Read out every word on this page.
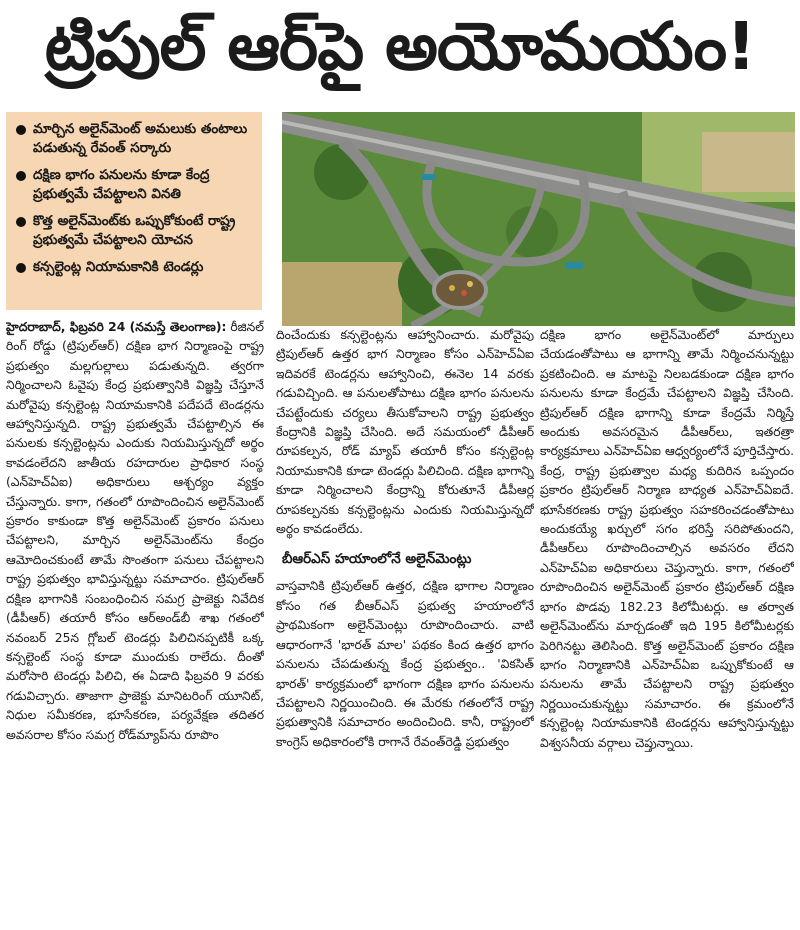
ట్రిపుల్ ఆర్‌పై అయోమయం!
మార్చిన అలైన్‌మెంట్ అమలుకు తంటాలు పడుతున్న రేవంత్ సర్కారు
దక్షిణ భాగం పనులను కూడా కేంద్ర ప్రభుత్వమే చేపట్టాలని వినతి
కొత్త అలైన్‌మెంట్‌కు ఒప్పుకోకుంటే రాష్ట్ర ప్రభుత్వమే చేపట్టాలని యోచన
కన్సల్టెంట్ల నియామకానికి టెండర్లు

హైదరాబాద్, ఫిబ్రవరి 24 (నమస్తే తెలంగాణ): రీజినల్ రింగ్ రోడ్డు (ట్రిపుల్‌ఆర్) దక్షిణ భాగ నిర్మాణంపై రాష్ట్ర ప్రభుత్వం మల్లగుల్లాలు పడుతున్నది. త్వరగా నిర్మించాలని ఓవైపు కేంద్ర ప్రభుత్వానికి విజ్ఞప్తి చేస్తూనే మరోవైపు కన్సల్టెంట్ల నియామకానికి పదేపదే టెండర్లను ఆహ్వానిస్తున్నది. రాష్ట్ర ప్రభుత్వమే చేపట్టాల్సిన ఈ పనులకు కన్సల్టెంట్లను ఎందుకు నియమిస్తున్నదో అర్థం కావడంలేదని జాతీయ రహదారుల ప్రాధికార సంస్థ (ఎన్‌హెచ్‌ఏఐ) అధికారులు ఆశ్చర్యం వ్యక్తం చేస్తున్నారు. కాగా, గతంలో రూపొందించిన అలైన్‌మెంట్ ప్రకారం కాకుండా కొత్త అలైన్‌మెంట్ ప్రకారం పనులు చేపట్టాలని, మార్చిన అలైన్‌మెంట్‌ను కేంద్రం ఆమోదించకుంటే తామే సొంతంగా పనులు చేపట్టాలని రాష్ట్ర ప్రభుత్వం భావిస్తున్నట్టు సమాచారం. ట్రిపుల్‌ఆర్ దక్షిణ భాగానికి సంబంధించిన సమగ్ర ప్రాజెక్టు నివేదిక (డీపీఆర్) తయారీ కోసం ఆర్‌అండ్‌బీ శాఖ గతంలో నవంబర్ 25న గ్లోబల్ టెండర్లు పిలిచినప్పటికీ ఒక్క కన్సల్టెంట్ సంస్థ కూడా ముందుకు రాలేదు. దీంతో మరోసారి టెండర్లు పిలిచి, ఈ ఏడాది ఫిబ్రవరి 9 వరకు గడువిచ్చారు. తాజాగా ప్రాజెక్టు మానిటరింగ్ యూనిట్, నిధుల సమీకరణ, భూసేకరణ, పర్యవేక్షణ తదితర అవసరాల కోసం సమగ్ర రోడ్‌మ్యాప్‌ను రూపొం

దించేందుకు కన్సల్టెంట్లను ఆహ్వానించారు. మరోవైపు ట్రిపుల్‌ఆర్ ఉత్తర భాగ నిర్మాణం కోసం ఎన్‌హెచ్‌ఏఐ ఇదివరకే టెండర్లను ఆహ్వానించి, ఈనెల 14 వరకు గడువిచ్చింది. ఆ పనులతోపాటు దక్షిణ భాగం పనులను చేపట్టేందుకు చర్యలు తీసుకోవాలని రాష్ట్ర ప్రభుత్వం కేంద్రానికి విజ్ఞప్తి చేసింది. అదే సమయంలో డీపీఆర్ రూపకల్పన, రోడ్ మ్యాప్ తయారీ కోసం కన్సల్టెంట్ల నియామకానికి కూడా టెండర్లు పిలిచింది. దక్షిణ భాగాన్ని కూడా నిర్మించాలని కేంద్రాన్ని కోరుతూనే డీపీఆర్ల రూపకల్పనకు కన్సల్టెంట్లను ఎందుకు నియమిస్తున్నదో అర్థం కావడంలేదు.

బీఆర్‌ఎస్ హయాంలోనే అలైన్‌మెంట్లు

వాస్తవానికి ట్రిపుల్‌ఆర్ ఉత్తర, దక్షిణ భాగాల నిర్మాణం కోసం గత బీఆర్‌ఎస్ ప్రభుత్వ హయాంలోనే ప్రాథమికంగా అలైన్‌మెంట్లు రూపొందించారు. వాటి ఆధారంగానే 'భారత్ మాల' పథకం కింద ఉత్తర భాగం పనులను చేపడుతున్న కేంద్ర ప్రభుత్వం.. 'వికసిత్ భారత్' కార్యక్రమంలో భాగంగా దక్షిణ భాగం పనులను చేపట్టాలని నిర్ణయించింది. ఈ మేరకు గతంలోనే రాష్ట్ర ప్రభుత్వానికి సమాచారం అందించింది. కానీ, రాష్ట్రంలో కాంగ్రెస్ అధికారంలోకి రాగానే రేవంత్‌రెడ్డి ప్రభుత్వం

దక్షిణ భాగం అలైన్‌మెంట్‌లో మార్పులు చేయడంతోపాటు ఆ భాగాన్ని తామే నిర్మించనున్నట్టు ప్రకటించింది. ఆ మాటపై నిలబడకుండా దక్షిణ భాగం పనులను కూడా కేంద్రమే చేపట్టాలని విజ్ఞప్తి చేసింది. ట్రిపుల్‌ఆర్ దక్షిణ భాగాన్ని కూడా కేంద్రమే నిర్మిస్తే అందుకు అవసరమైన డీపీఆర్‌లు, ఇతరత్రా కార్యక్రమాలు ఎన్‌హెచ్‌ఏఐ ఆధ్వర్యంలోనే పూర్తిచేస్తారు. కేంద్ర, రాష్ట్ర ప్రభుత్వాల మధ్య కుదిరిన ఒప్పందం ప్రకారం ట్రిపుల్‌ఆర్ నిర్మాణ బాధ్యత ఎన్‌హెచ్‌ఏఐదే. భూసేకరణకు రాష్ట్ర ప్రభుత్వం సహకరించడంతోపాటు అందుకయ్యే ఖర్చులో సగం భరిస్తే సరిపోతుందని, డీపీఆర్‌లు రూపొందించాల్సిన అవసరం లేదని ఎన్‌హెచ్‌ఏఐ అధికారులు చెప్తున్నారు. కాగా, గతంలో రూపొందించిన అలైన్‌మెంట్ ప్రకారం ట్రిపుల్‌ఆర్ దక్షిణ భాగం పొడవు 182.23 కిలోమీటర్లు. ఆ తర్వాత అలైన్‌మెంట్‌ను మార్చడంతో ఇది 195 కిలోమీటర్లకు పెరిగినట్టు తెలిసింది. కొత్త అలైన్‌మెంట్ ప్రకారం దక్షిణ భాగం నిర్మాణానికి ఎన్‌హెచ్‌ఏఐ ఒప్పుకోకుంటే ఆ పనులను తామే చేపట్టాలని రాష్ట్ర ప్రభుత్వం నిర్ణయించుకున్నట్టు సమాచారం. ఈ క్రమంలోనే కన్సల్టెంట్ల నియామకానికి టెండర్లను ఆహ్వానిస్తున్నట్టు విశ్వసనీయ వర్గాలు చెప్తున్నాయి.
